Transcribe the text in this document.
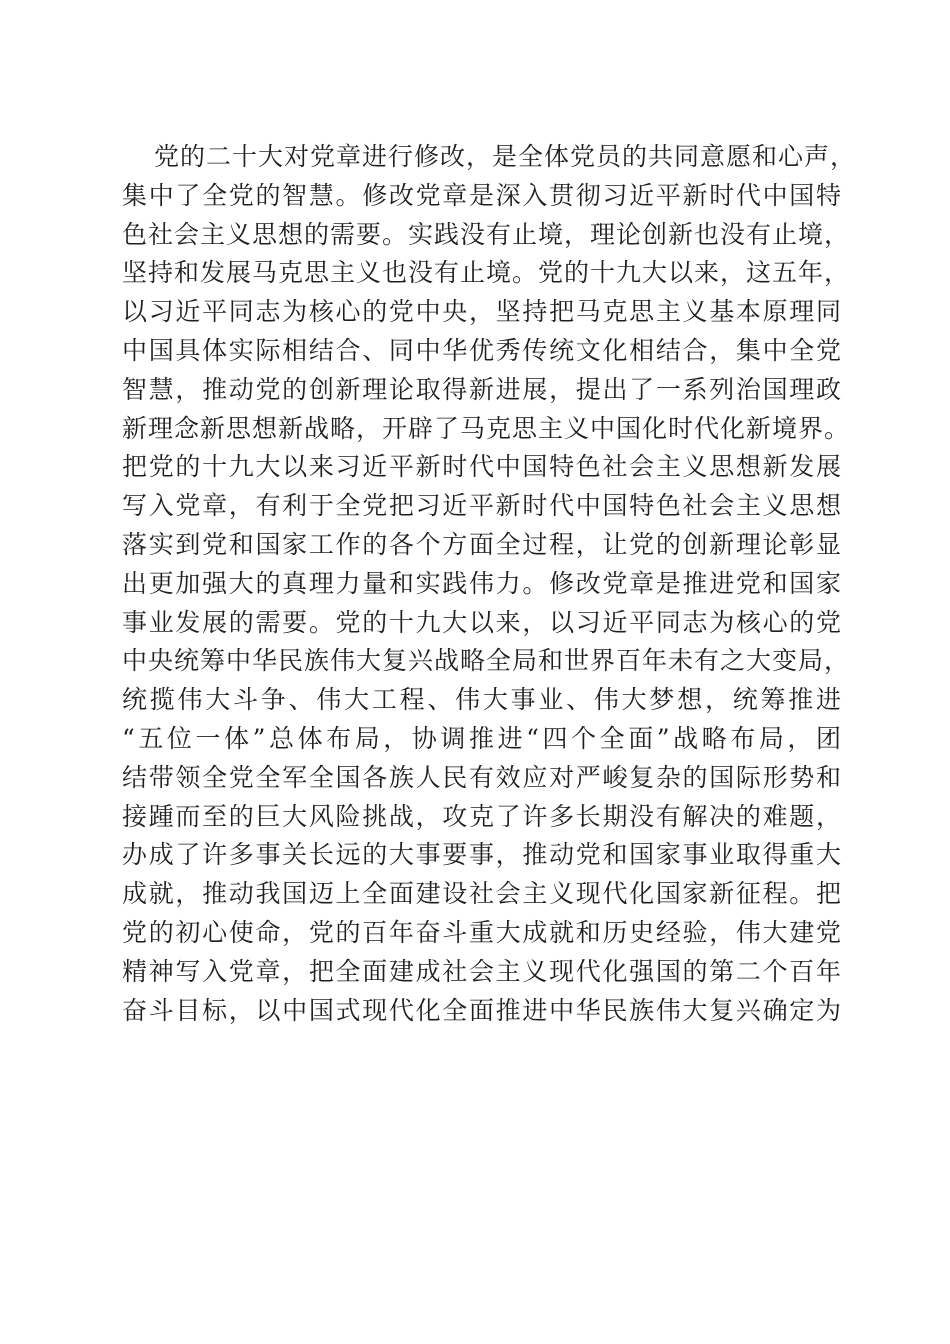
党的二十大对党章进行修改，是全体党员的共同意愿和心声，
集中了全党的智慧。修改党章是深入贯彻习近平新时代中国特
色社会主义思想的需要。实践没有止境，理论创新也没有止境，
坚持和发展马克思主义也没有止境。党的十九大以来，这五年，
以习近平同志为核心的党中央，坚持把马克思主义基本原理同
中国具体实际相结合、同中华优秀传统文化相结合，集中全党
智慧，推动党的创新理论取得新进展，提出了一系列治国理政
新理念新思想新战略，开辟了马克思主义中国化时代化新境界。
把党的十九大以来习近平新时代中国特色社会主义思想新发展
写入党章，有利于全党把习近平新时代中国特色社会主义思想
落实到党和国家工作的各个方面全过程，让党的创新理论彰显
出更加强大的真理力量和实践伟力。修改党章是推进党和国家
事业发展的需要。党的十九大以来，以习近平同志为核心的党
中央统筹中华民族伟大复兴战略全局和世界百年未有之大变局，
统揽伟大斗争、伟大工程、伟大事业、伟大梦想，统筹推进
“五位一体”总体布局，协调推进“四个全面”战略布局，团
结带领全党全军全国各族人民有效应对严峻复杂的国际形势和
接踵而至的巨大风险挑战，攻克了许多长期没有解决的难题，
办成了许多事关长远的大事要事，推动党和国家事业取得重大
成就，推动我国迈上全面建设社会主义现代化国家新征程。把
党的初心使命，党的百年奋斗重大成就和历史经验，伟大建党
精神写入党章，把全面建成社会主义现代化强国的第二个百年
奋斗目标，以中国式现代化全面推进中华民族伟大复兴确定为
